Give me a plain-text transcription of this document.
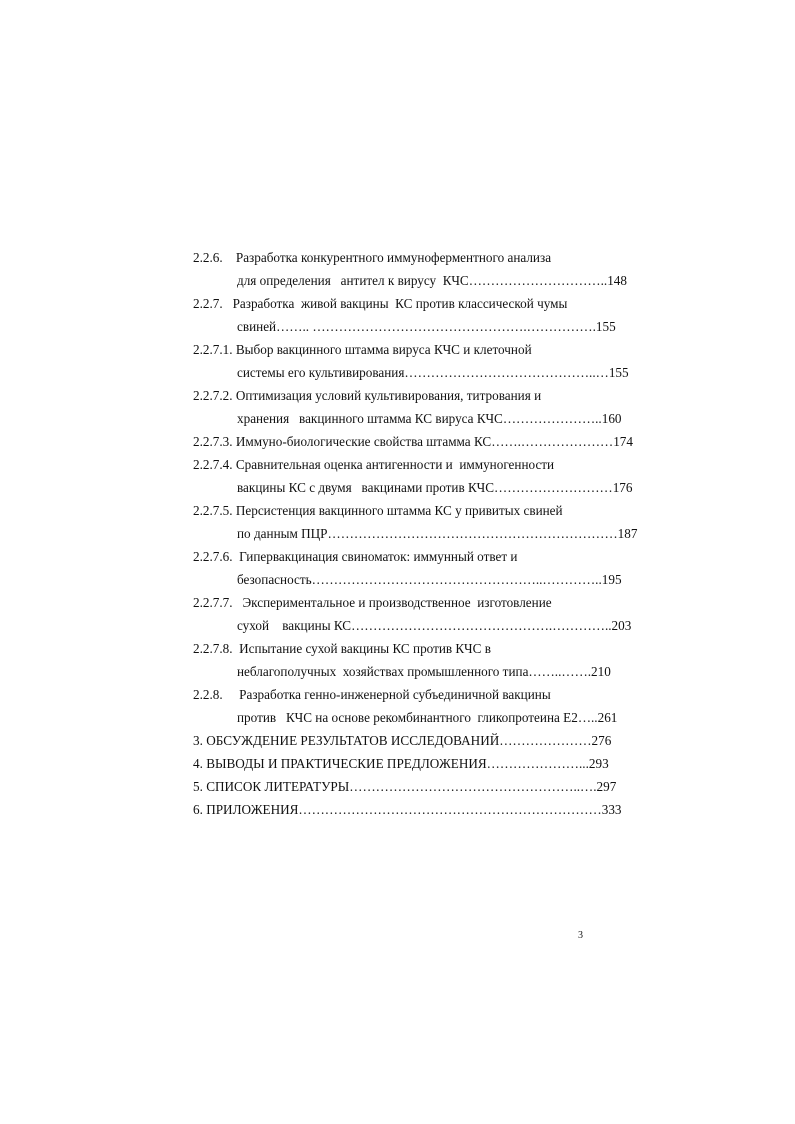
2.2.6.    Разработка конкурентного иммуноферментного анализа
для определения   антител к вирусу  КЧС…………………………..148
2.2.7.   Разработка  живой вакцины  КС против классической чумы
свиней…….. ………………………………………….…………….155
2.2.7.1. Выбор вакцинного штамма вируса КЧС и клеточной
системы его культивирования……………………………………..…155
2.2.7.2. Оптимизация условий культивирования, титрования и
хранения   вакцинного штамма КС вируса КЧС…………………..160
2.2.7.3. Иммуно-биологические свойства штамма КС…….…………………174
2.2.7.4. Сравнительная оценка антигенности и  иммуногенности
вакцины КС с двумя   вакцинами против КЧС………………………176
2.2.7.5. Персистенция вакцинного штамма КС у привитых свиней
по данным ПЦР…………………………………………………………187
2.2.7.6.  Гипервакцинация свиноматок: иммунный ответ и
безопасность……………………………………………..…………..195
2.2.7.7.   Экспериментальное и производственное  изготовление
сухой    вакцины КС……………………………………….…………..203
2.2.7.8.  Испытание сухой вакцины КС против КЧС в
неблагополучных  хозяйствах промышленного типа……..…….210
2.2.8.     Разработка генно-инженерной субъединичной вакцины
против   КЧС на основе рекомбинантного  гликопротеина Е2…..261
3. ОБСУЖДЕНИЕ РЕЗУЛЬТАТОВ ИССЛЕДОВАНИЙ…………………276
4. ВЫВОДЫ И ПРАКТИЧЕСКИЕ ПРЕДЛОЖЕНИЯ…………………...293
5. СПИСОК ЛИТЕРАТУРЫ……………………………………………..….297
6. ПРИЛОЖЕНИЯ……………………………………………………………333
3
